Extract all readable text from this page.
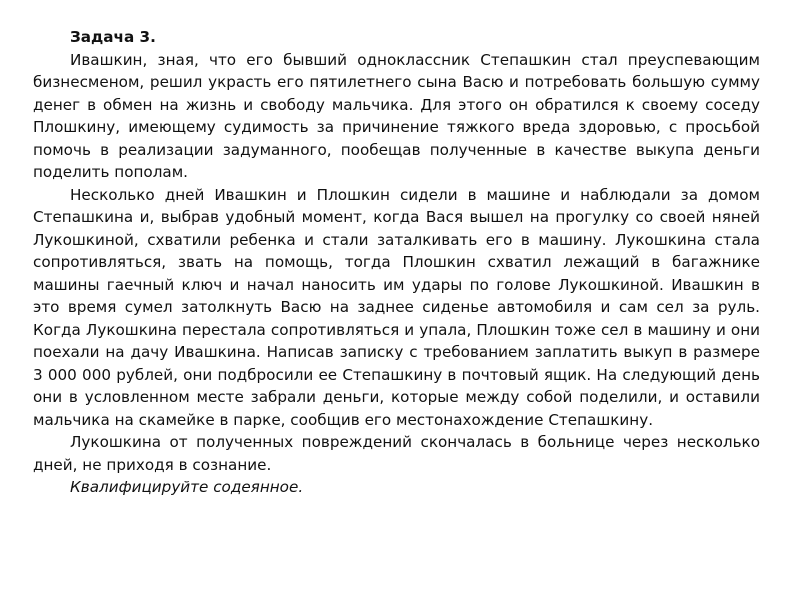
Задача 3.

Ивашкин, зная, что его бывший одноклассник Степашкин стал преуспевающим бизнесменом, решил украсть его пятилетнего сына Васю и потребовать большую сумму денег в обмен на жизнь и свободу мальчика. Для этого он обратился к своему соседу Плошкину, имеющему судимость за причинение тяжкого вреда здоровью, с просьбой помочь в реализации задуманного, пообещав полученные в качестве выкупа деньги поделить пополам.

Несколько дней Ивашкин и Плошкин сидели в машине и наблюдали за домом Степашкина и, выбрав удобный момент, когда Вася вышел на прогулку со своей няней Лукошкиной, схватили ребенка и стали заталкивать его в машину. Лукошкина стала сопротивляться, звать на помощь, тогда Плошкин схватил лежащий в багажнике машины гаечный ключ и начал наносить им удары по голове Лукошкиной. Ивашкин в это время сумел затолкнуть Васю на заднее сиденье автомобиля и сам сел за руль. Когда Лукошкина перестала сопротивляться и упала, Плошкин тоже сел в машину и они поехали на дачу Ивашкина. Написав записку с требованием заплатить выкуп в размере 3 000 000 рублей, они подбросили ее Степашкину в почтовый ящик. На следующий день они в условленном месте забрали деньги, которые между собой поделили, и оставили мальчика на скамейке в парке, сообщив его местонахождение Степашкину.

Лукошкина от полученных повреждений скончалась в больнице через несколько дней, не приходя в сознание.

Квалифицируйте содеянное.
